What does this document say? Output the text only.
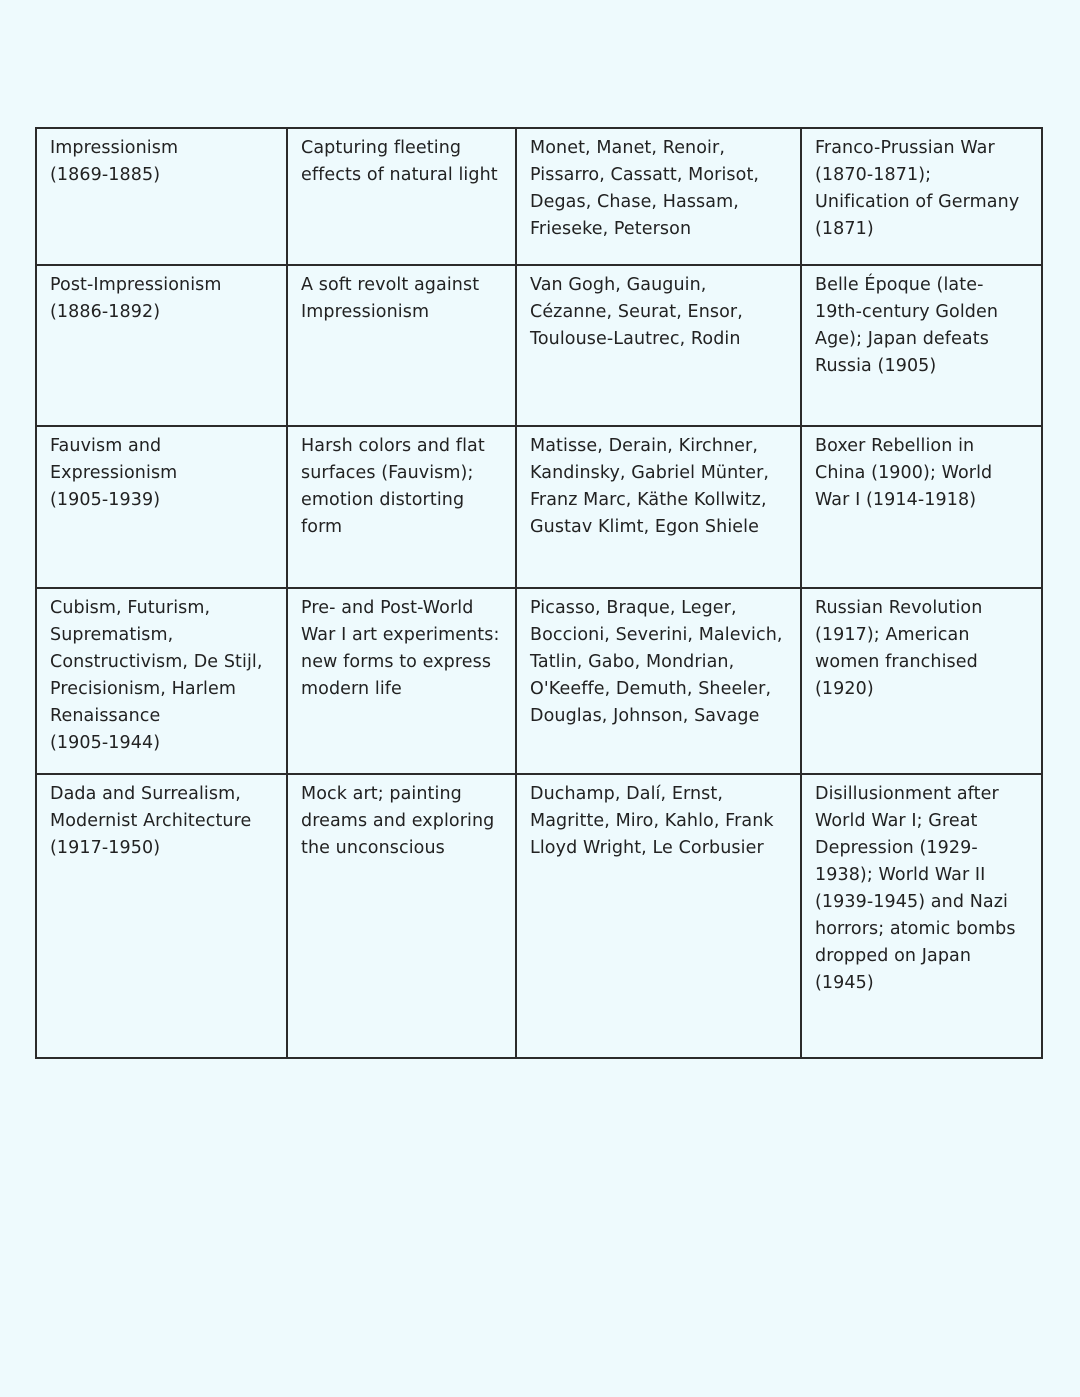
Impressionism
(1869-1885)	Capturing fleeting effects of natural light	Monet, Manet, Renoir, Pissarro, Cassatt, Morisot, Degas, Chase, Hassam, Frieseke, Peterson	Franco-Prussian War (1870-1871); Unification of Germany (1871)
Post-Impressionism
(1886-1892)	A soft revolt against Impressionism	Van Gogh, Gauguin, Cézanne, Seurat, Ensor, Toulouse-Lautrec, Rodin	Belle Époque (late-19th-century Golden Age); Japan defeats Russia (1905)
Fauvism and Expressionism
(1905-1939)	Harsh colors and flat surfaces (Fauvism); emotion distorting form	Matisse, Derain, Kirchner, Kandinsky, Gabriel Münter, Franz Marc, Käthe Kollwitz, Gustav Klimt, Egon Shiele	Boxer Rebellion in China (1900); World War I (1914-1918)
Cubism, Futurism, Suprematism, Constructivism, De Stijl, Precisionism, Harlem Renaissance
(1905-1944)	Pre- and Post-World War I art experiments: new forms to express modern life	Picasso, Braque, Leger, Boccioni, Severini, Malevich, Tatlin, Gabo, Mondrian, O'Keeffe, Demuth, Sheeler, Douglas, Johnson, Savage	Russian Revolution (1917); American women franchised (1920)
Dada and Surrealism, Modernist Architecture
(1917-1950)	Mock art; painting dreams and exploring the unconscious	Duchamp, Dalí, Ernst, Magritte, Miro, Kahlo, Frank Lloyd Wright, Le Corbusier	Disillusionment after World War I; Great Depression (1929-1938); World War II (1939-1945) and Nazi horrors; atomic bombs dropped on Japan (1945)
